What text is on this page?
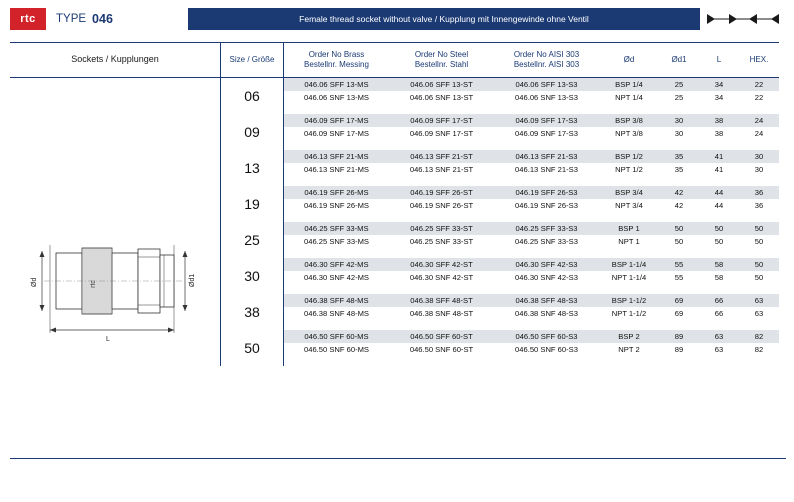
rtc TYPE 046	Female thread socket without valve / Kupplung mit Innengewinde ohne Ventil
Sockets / Kupplungen	Size / Größe	
Order No Brass
Bestellnr. Messing

Order No Steel
Bestellnr. Stahl

Order No AISI 303
Bestellnr. AISI 303
	Ød	Ød1	L	HEX.
	06	046.06 SFF 13-MS	046.06 SFF 13-ST	046.06 SFF 13-S3	BSP 1/4	25	34	22
		046.06 SNF 13-MS	046.06 SNF 13-ST	046.06 SNF 13-S3	NPT 1/4	25	34	22

	09	046.09 SFF 17-MS	046.09 SFF 17-ST	046.09 SFF 17-S3	BSP 3/8	30	38	24
		046.09 SNF 17-MS	046.09 SNF 17-ST	046.09 SNF 17-S3	NPT 3/8	30	38	24

	13	046.13 SFF 21-MS	046.13 SFF 21-ST	046.13 SFF 21-S3	BSP 1/2	35	41	30
		046.13 SNF 21-MS	046.13 SNF 21-ST	046.13 SNF 21-S3	NPT 1/2	35	41	30

	19	046.19 SFF 26-MS	046.19 SFF 26-ST	046.19 SFF 26-S3	BSP 3/4	42	44	36
		046.19 SNF 26-MS	046.19 SNF 26-ST	046.19 SNF 26-S3	NPT 3/4	42	44	36

	25	046.25 SFF 33-MS	046.25 SFF 33-ST	046.25 SFF 33-S3	BSP 1	50	50	50
		046.25 SNF 33-MS	046.25 SNF 33-ST	046.25 SNF 33-S3	NPT 1	50	50	50

	30	046.30 SFF 42-MS	046.30 SFF 42-ST	046.30 SFF 42-S3	BSP 1-1/4	55	58	50
		046.30 SNF 42-MS	046.30 SNF 42-ST	046.30 SNF 42-S3	NPT 1-1/4	55	58	50

	38	046.38 SFF 48-MS	046.38 SFF 48-ST	046.38 SFF 48-S3	BSP 1-1/2	69	66	63
		046.38 SNF 48-MS	046.38 SNF 48-ST	046.38 SNF 48-S3	NPT 1-1/2	69	66	63

	50	046.50 SFF 60-MS	046.50 SFF 60-ST	046.50 SFF 60-S3	BSP 2	89	63	82
		046.50 SNF 60-MS	046.50 SNF 60-ST	046.50 SNF 60-S3	NPT 2	89	63	82

Ød	Ød1
L
rtc
